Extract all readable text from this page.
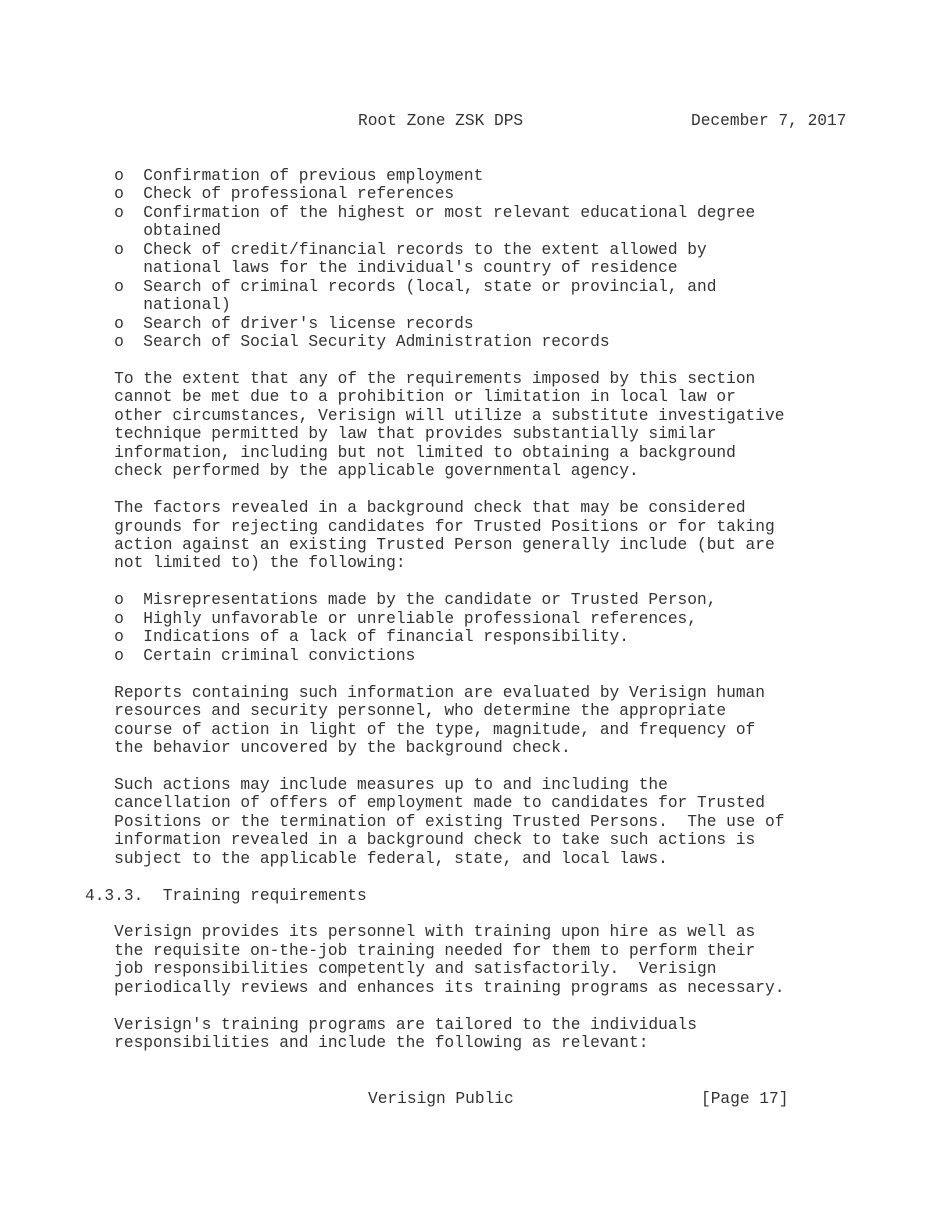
Root Zone ZSK DPS

	December 7, 2017

o  Confirmation of previous employment
o  Check of professional references
o  Confirmation of the highest or most relevant educational degree
obtained
o  Check of credit/financial records to the extent allowed by
national laws for the individual's country of residence
o  Search of criminal records (local, state or provincial, and
national)
o  Search of driver's license records
o  Search of Social Security Administration records
To the extent that any of the requirements imposed by this section
cannot be met due to a prohibition or limitation in local law or
other circumstances, Verisign will utilize a substitute investigative
technique permitted by law that provides substantially similar
information, including but not limited to obtaining a background
check performed by the applicable governmental agency.
The factors revealed in a background check that may be considered
grounds for rejecting candidates for Trusted Positions or for taking
action against an existing Trusted Person generally include (but are
not limited to) the following:
o  Misrepresentations made by the candidate or Trusted Person,
o  Highly unfavorable or unreliable professional references,
o  Indications of a lack of financial responsibility.
o  Certain criminal convictions
Reports containing such information are evaluated by Verisign human
resources and security personnel, who determine the appropriate
course of action in light of the type, magnitude, and frequency of
the behavior uncovered by the background check.
Such actions may include measures up to and including the
cancellation of offers of employment made to candidates for Trusted
Positions or the termination of existing Trusted Persons.  The use of
information revealed in a background check to take such actions is
subject to the applicable federal, state, and local laws.
4.3.3.  Training requirements
Verisign provides its personnel with training upon hire as well as
the requisite on-the-job training needed for them to perform their
job responsibilities competently and satisfactorily.  Verisign
periodically reviews and enhances its training programs as necessary.
Verisign's training programs are tailored to the individuals
responsibilities and include the following as relevant:

Verisign Public

	[Page 17]
